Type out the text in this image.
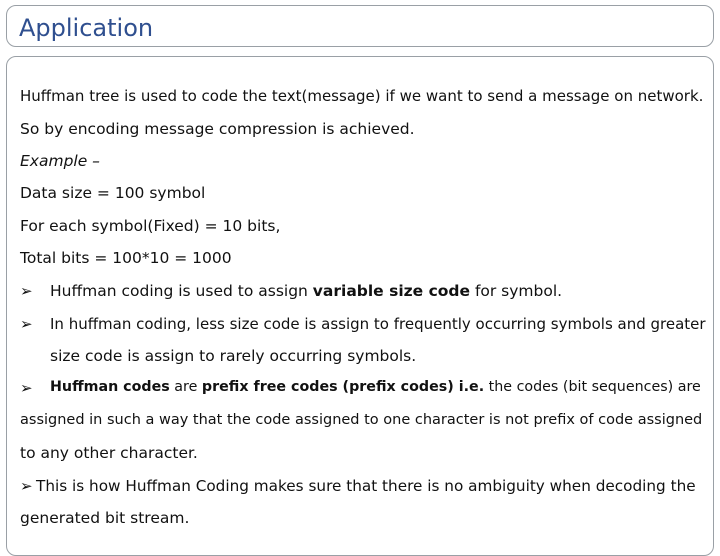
Application
Huffman tree is used to code the text(message) if we want to send a message on network.
So by encoding message compression is achieved.
Example –
Data size = 100 symbol
For each symbol(Fixed) = 10 bits,
Total bits = 100*10 = 1000
➢ Huffman coding is used to assign variable size code for symbol.
➢ In huffman coding, less size code is assign to frequently occurring symbols and greater
size code is assign to rarely occurring symbols.
➢ Huffman codes are prefix free codes (prefix codes) i.e. the codes (bit sequences) are
assigned in such a way that the code assigned to one character is not prefix of code assigned
to any other character.
➢ This is how Huffman Coding makes sure that there is no ambiguity when decoding the
generated bit stream.
